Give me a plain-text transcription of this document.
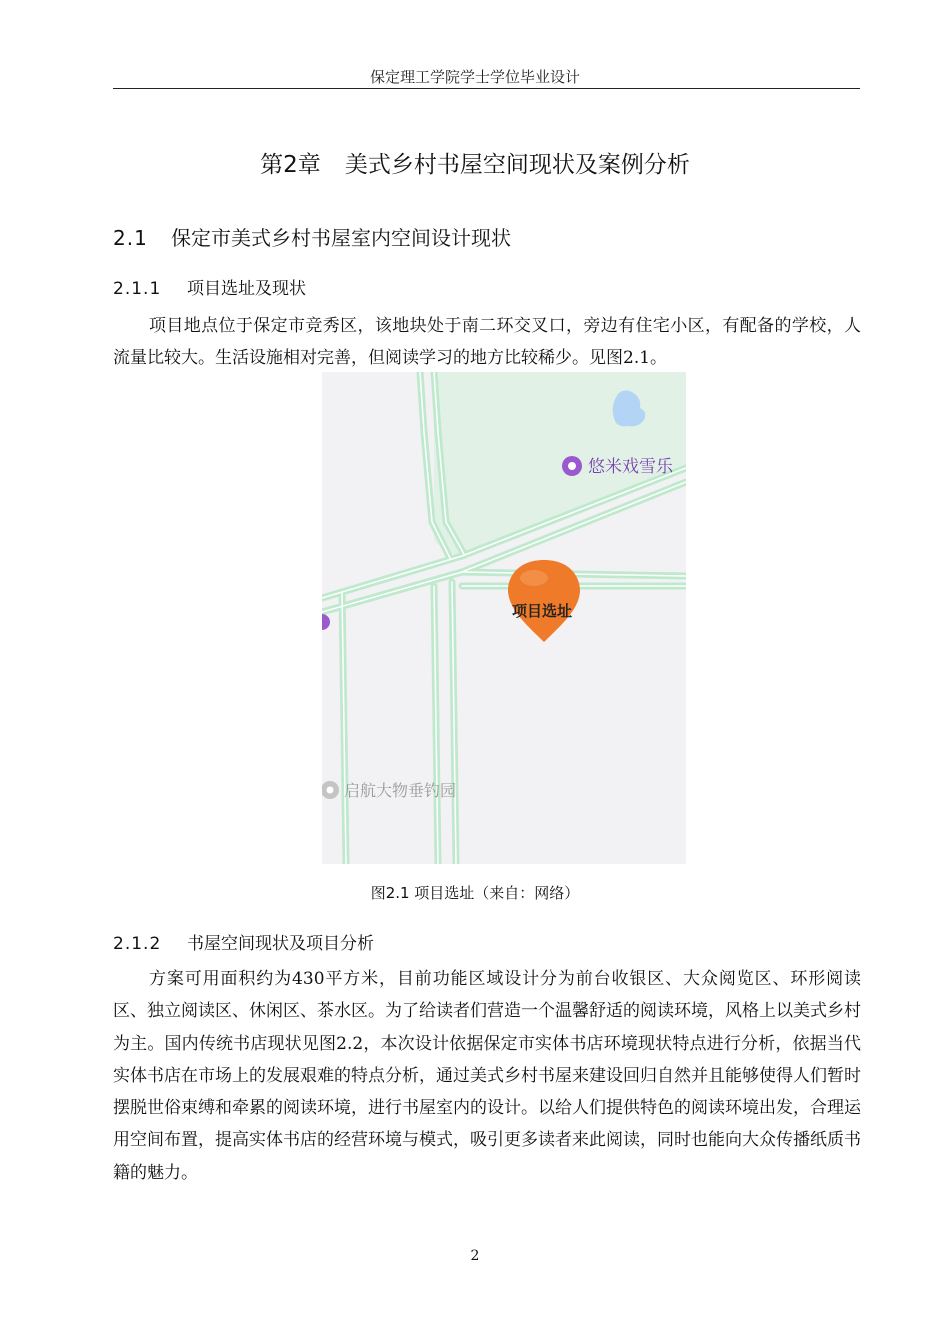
保定理工学院学士学位毕业设计
第2章 美式乡村书屋空间现状及案例分析
2.1 保定市美式乡村书屋室内空间设计现状
2.1.1 项目选址及现状

项目地点位于保定市竞秀区，该地块处于南二环交叉口，旁边有住宅小区，有配备的学校，人流量比较大。生活设施相对完善，但阅读学习的地方比较稀少。见图2.1。

悠米戏雪乐
项目选址
启航大物垂钓园
图2.1 项目选址（来自：网络）
2.1.2 书屋空间现状及项目分析

方案可用面积约为430平方米，目前功能区域设计分为前台收银区、大众阅览区、环形阅读区、独立阅读区、休闲区、茶水区。为了给读者们营造一个温馨舒适的阅读环境，风格上以美式乡村为主。国内传统书店现状见图2.2，本次设计依据保定市实体书店环境现状特点进行分析，依据当代实体书店在市场上的发展艰难的特点分析，通过美式乡村书屋来建设回归自然并且能够使得人们暂时摆脱世俗束缚和牵累的阅读环境，进行书屋室内的设计。以给人们提供特色的阅读环境出发，合理运用空间布置，提高实体书店的经营环境与模式，吸引更多读者来此阅读，同时也能向大众传播纸质书籍的魅力。

2
